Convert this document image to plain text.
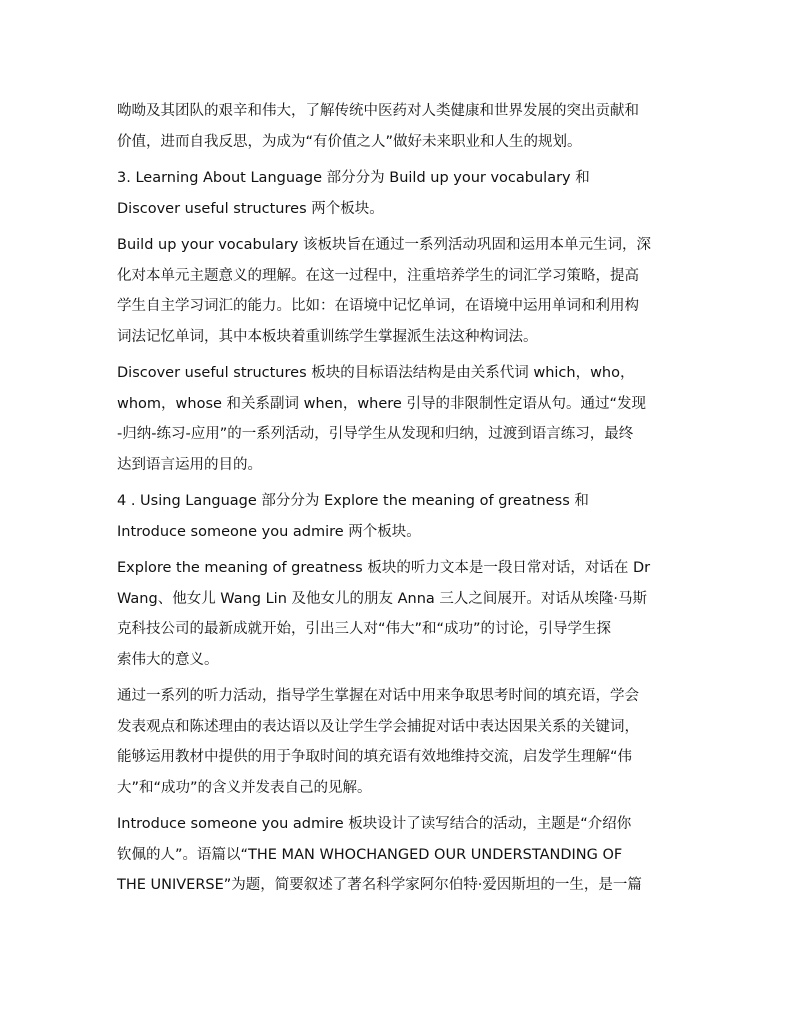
呦呦及其团队的艰辛和伟大，了解传统中医药对人类健康和世界发展的突出贡献和
价值，进而自我反思，为成为“有价值之人”做好未来职业和人生的规划。

3. Learning About Language 部分分为 Build up your vocabulary 和
Discover useful structures 两个板块。

Build up your vocabulary 该板块旨在通过一系列活动巩固和运用本单元生词，深
化对本单元主题意义的理解。在这一过程中，注重培养学生的词汇学习策略，提高
学生自主学习词汇的能力。比如：在语境中记忆单词，在语境中运用单词和利用构
词法记忆单词，其中本板块着重训练学生掌握派生法这种构词法。

Discover useful structures 板块的目标语法结构是由关系代词 which，who，
whom，whose 和关系副词 when，where 引导的非限制性定语从句。通过“发现
-归纳-练习-应用”的一系列活动，引导学生从发现和归纳，过渡到语言练习，最终
达到语言运用的目的。

4 . Using Language 部分分为 Explore the meaning of greatness 和
Introduce someone you admire 两个板块。

Explore the meaning of greatness 板块的听力文本是一段日常对话，对话在 Dr
Wang、他女儿 Wang Lin 及他女儿的朋友 Anna 三人之间展开。对话从埃隆·马斯
克科技公司的最新成就开始，引出三人对“伟大”和“成功”的讨论，引导学生探
索伟大的意义。

通过一系列的听力活动，指导学生掌握在对话中用来争取思考时间的填充语，学会
发表观点和陈述理由的表达语以及让学生学会捕捉对话中表达因果关系的关键词，
能够运用教材中提供的用于争取时间的填充语有效地维持交流，启发学生理解“伟
大”和“成功”的含义并发表自己的见解。

Introduce someone you admire 板块设计了读写结合的活动，主题是“介绍你
钦佩的人”。语篇以“THE MAN WHOCHANGED OUR UNDERSTANDING OF
THE UNIVERSE”为题，简要叙述了著名科学家阿尔伯特·爱因斯坦的一生，是一篇
